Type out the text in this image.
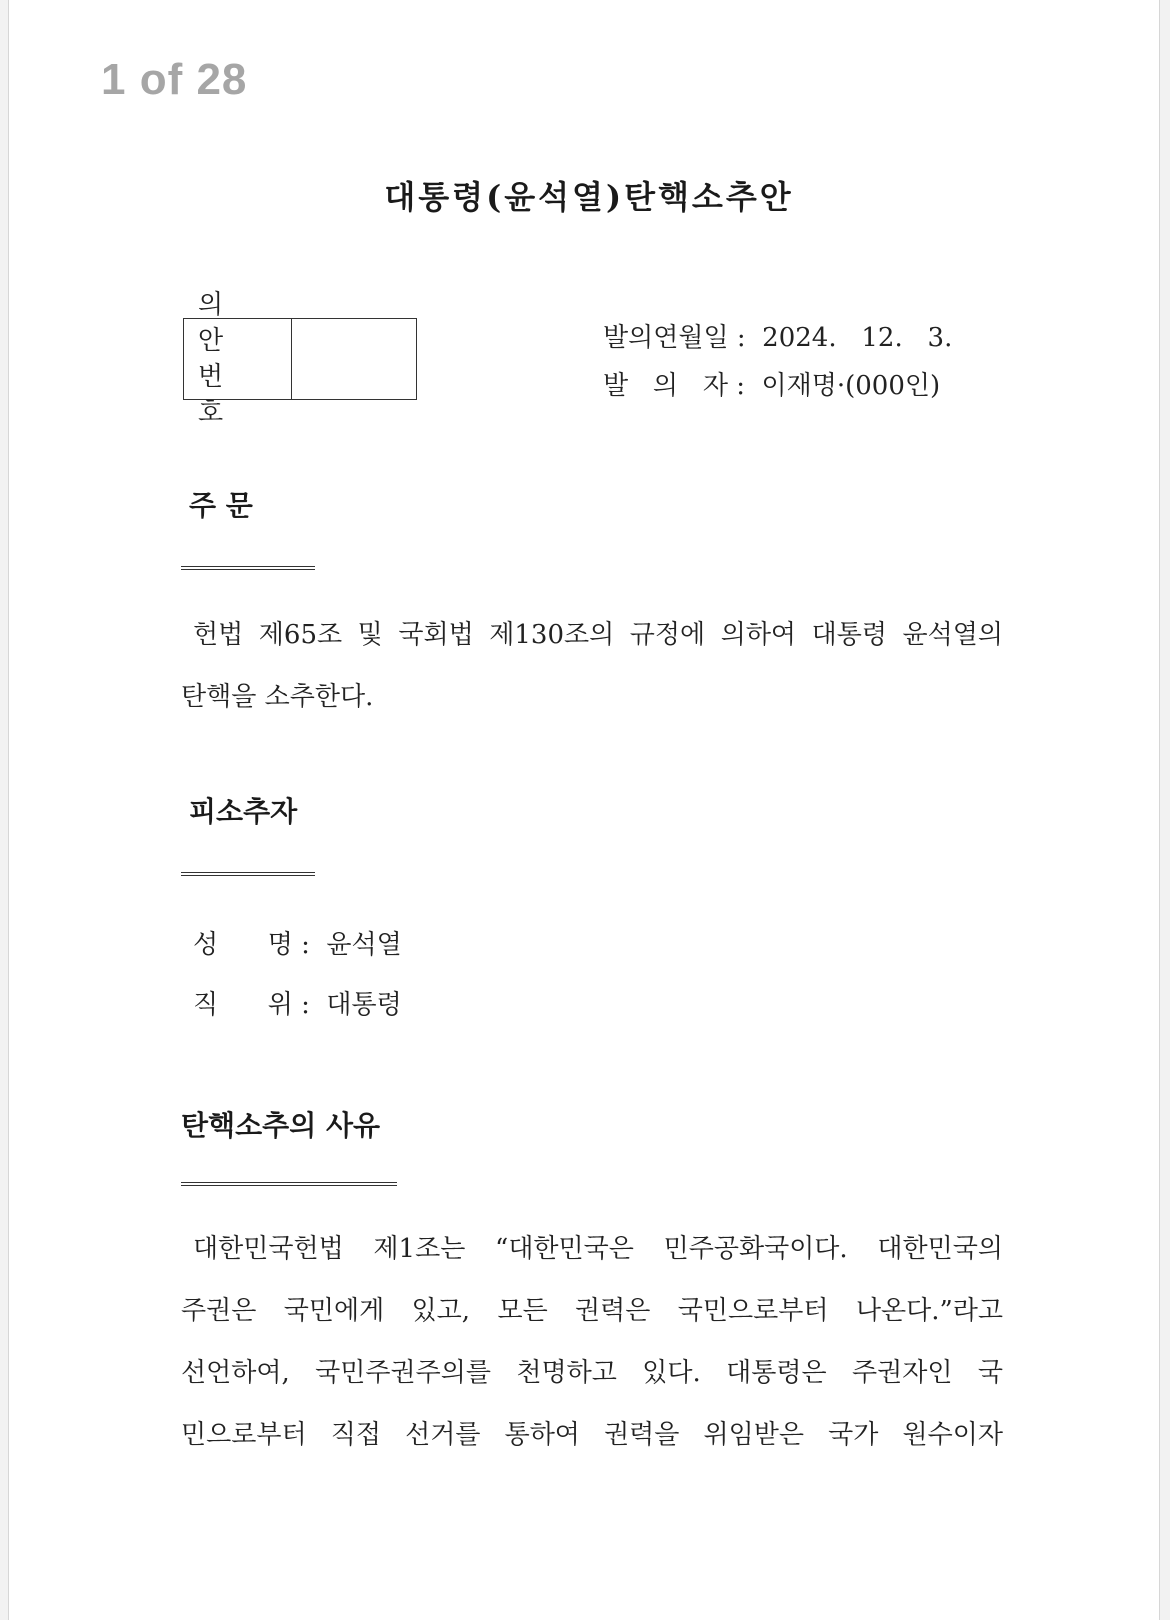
1 of 28
대통령(윤석열)탄핵소추안
의 안
번 호
발의연월일 :  2024.   12.   3.
발   의   자 :  이재명·(000인)
주 문
헌법 제65조 및 국회법 제130조의 규정에 의하여 대통령 윤석열의
탄핵을 소추한다.
피소추자
성      명 :  윤석열
직      위 :  대통령
탄핵소추의 사유
대한민국헌법 제1조는 “대한민국은 민주공화국이다. 대한민국의
주권은 국민에게 있고, 모든 권력은 국민으로부터 나온다.”라고
선언하여, 국민주권주의를 천명하고 있다. 대통령은 주권자인 국
민으로부터 직접 선거를 통하여 권력을 위임받은 국가 원수이자
